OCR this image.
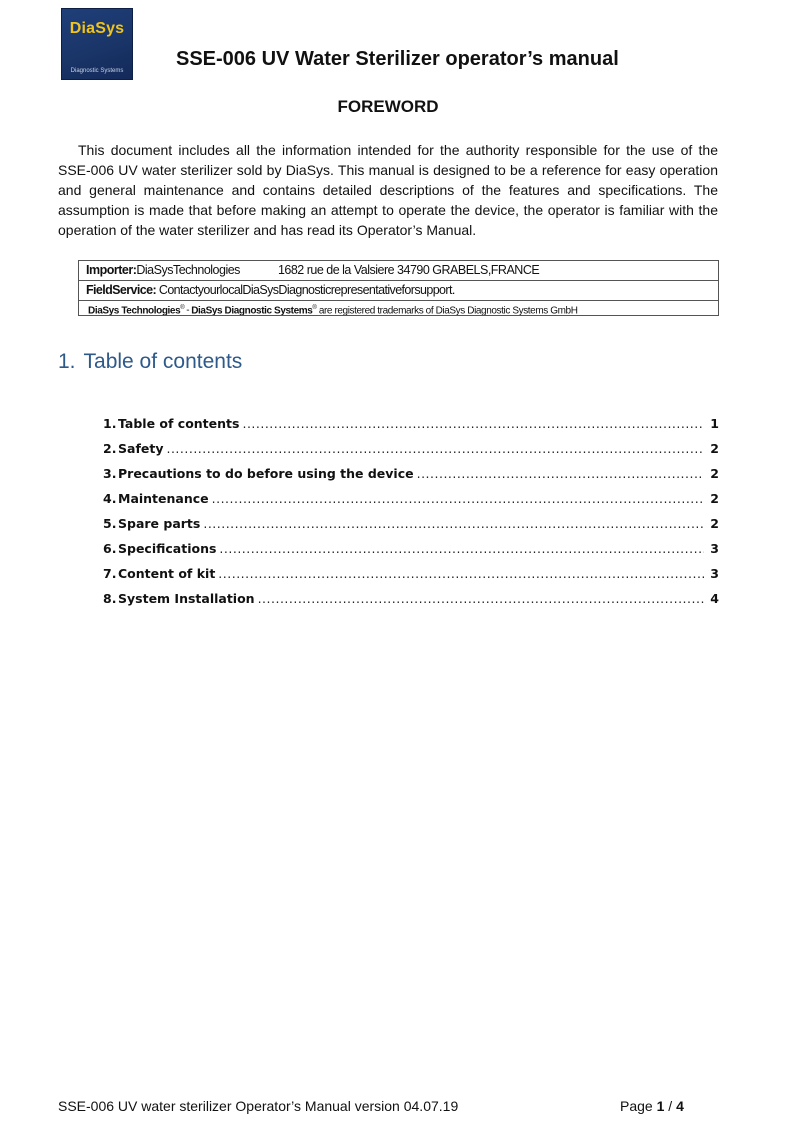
DiaSys
Diagnostic Systems
SSE-006 UV Water Sterilizer operator’s manual
FOREWORD

This document includes all the information intended for the authority responsible for the use of the SSE-006 UV water sterilizer sold by DiaSys. This manual is designed to be a reference for easy operation and general maintenance and contains detailed descriptions of the features and specifications. The assumption is made that before making an attempt to operate the device, the operator is familiar with the operation of the water sterilizer and has read its Operator’s Manual.

Importer:DiaSysTechnologies	1682 rue de la Valsiere 34790 GRABELS,FRANCE
FieldService: ContactyourlocalDiaSysDiagnosticrepresentativeforsupport.
DiaSys Technologies® - DiaSys Diagnostic Systems® are registered trademarks of DiaSys Diagnostic Systems GmbH
1. Table of contents
1. Table of contents .....	1
2. Safety .....	2
3. Precautions to do before using the device .....	2
4. Maintenance .....	2
5. Spare parts .....	2
6. Specifications .....	3
7. Content of kit .....	3
8. System Installation .....	4
SSE-006 UV water sterilizer Operator’s Manual version 04.07.19	Page 1 / 4
